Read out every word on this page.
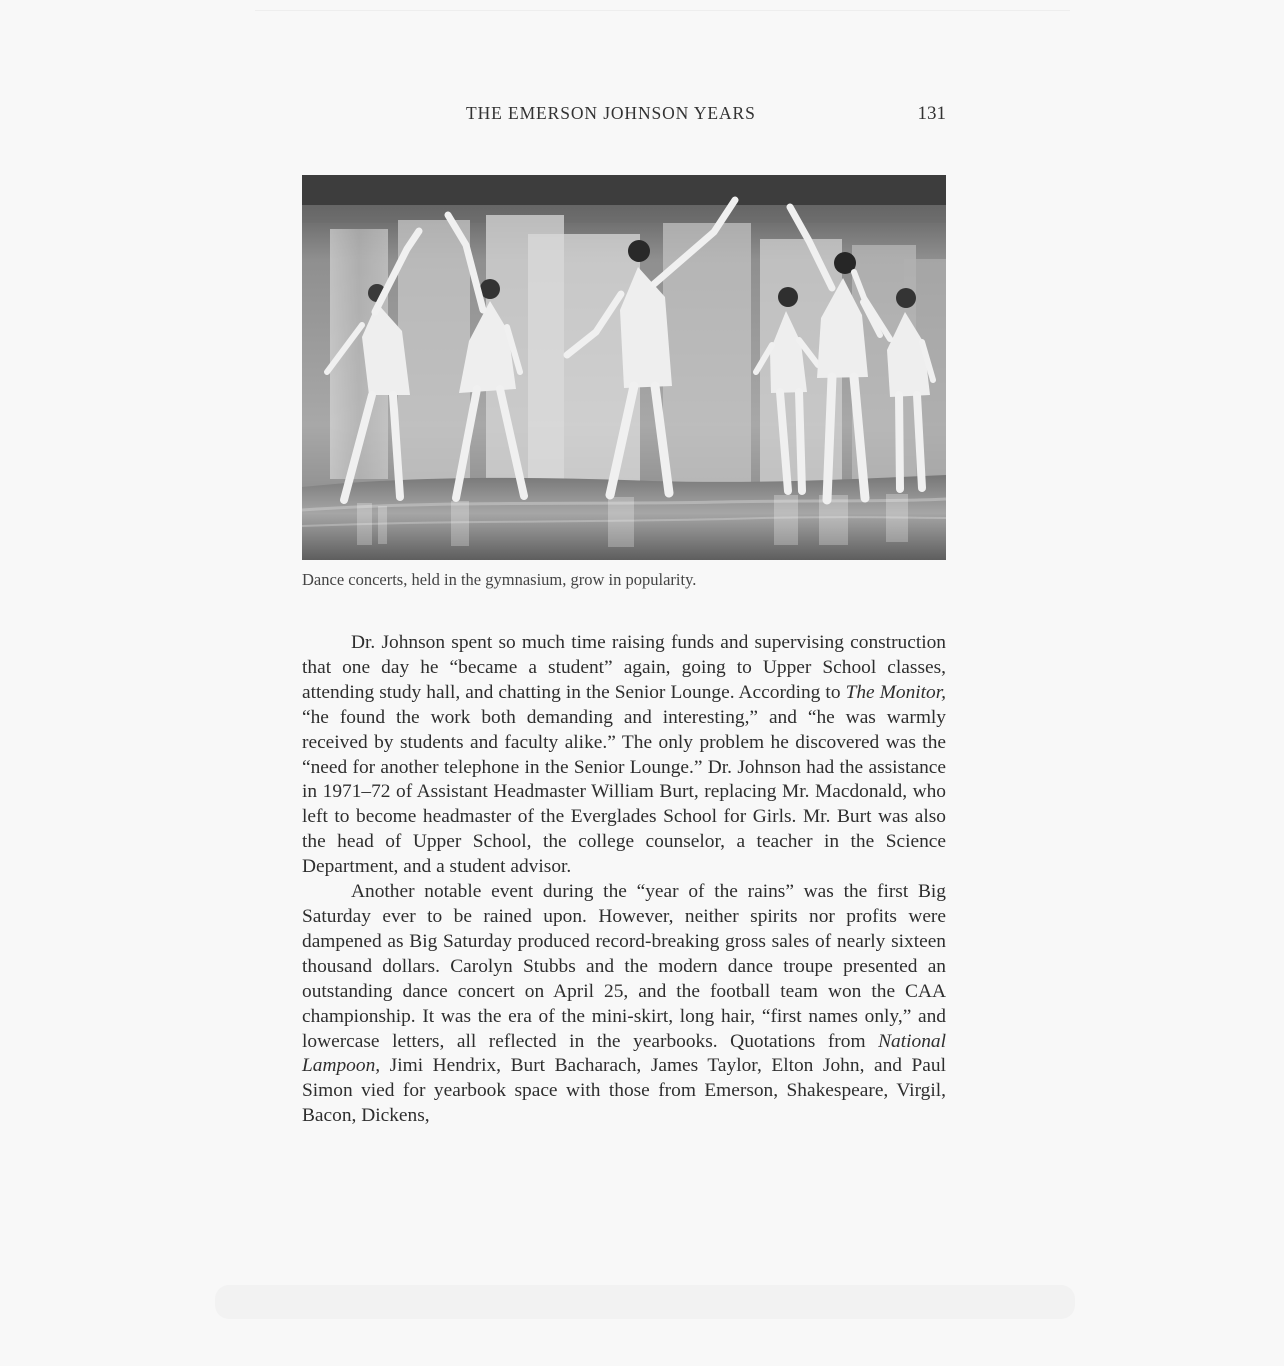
THE EMERSON JOHNSON YEARS	131
Dance concerts, held in the gymnasium, grow in popularity.

Dr. Johnson spent so much time raising funds and supervising construction that one day he “became a student” again, going to Upper School classes, attending study hall, and chatting in the Senior Lounge. According to The Monitor, “he found the work both demanding and interesting,” and “he was warmly received by students and faculty alike.” The only problem he discovered was the “need for another telephone in the Senior Lounge.” Dr. Johnson had the assistance in 1971–72 of Assistant Headmaster William Burt, replacing Mr. Macdonald, who left to become headmaster of the Everglades School for Girls. Mr. Burt was also the head of Upper School, the college counselor, a teacher in the Science Department, and a student advisor.

Another notable event during the “year of the rains” was the first Big Saturday ever to be rained upon. However, neither spirits nor profits were dampened as Big Saturday produced record-breaking gross sales of nearly sixteen thousand dollars. Carolyn Stubbs and the modern dance troupe presented an outstanding dance concert on April 25, and the football team won the CAA championship. It was the era of the mini-skirt, long hair, “first names only,” and lowercase letters, all reflected in the yearbooks. Quotations from National Lampoon, Jimi Hendrix, Burt Bacharach, James Taylor, Elton John, and Paul Simon vied for yearbook space with those from Emerson, Shakespeare, Virgil, Bacon, Dickens,
